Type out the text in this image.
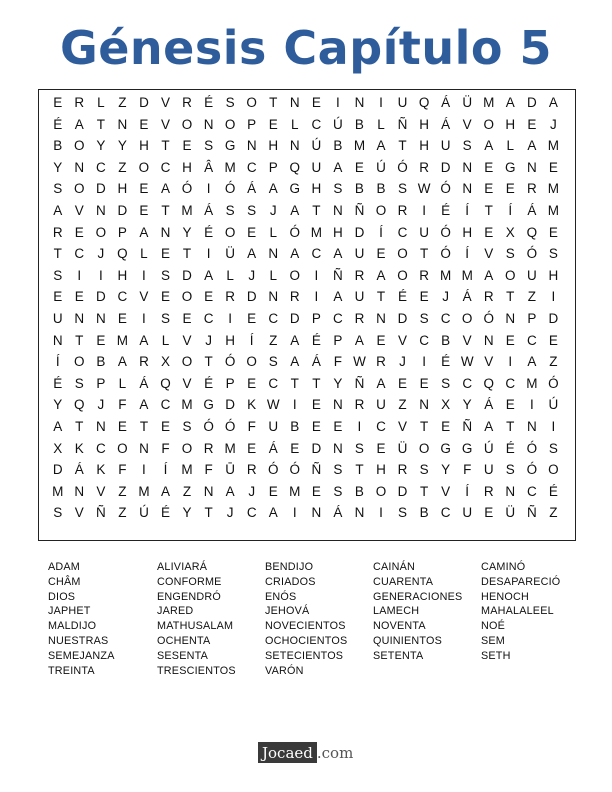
Génesis Capítulo 5
E R L	Z D V R É S O T N E	I	N	I	U Q Á Ü M A D A
É A T N E V O N O P E L C Ú B L Ñ H Á V O H E	J
B O Y Y H T E S G N H N Ú B M A T H U S A L A M
Y N C Z O C H Â M C P Q U A E Ú Ó R D N E G N E
S O D H E A Ó	I	Ó Á A G H S B B S W Ó N E E R M
A V N D E T M Á S S	J	A T N Ñ O R	I	É	Í	T	Í	Á M
R E O P A N Y É O E L Ó M H D	Í	C U Ó H E X Q E
T C J Q L E T	I	Ü A N A C A U E O T Ó	Í	V S Ó S
S	I	I	H	I	S D A L	J	L O	I	Ñ R A O R M M A O U H
E E D C V E O E R D N R	I	A U T É E	J	Á R T Z	I
U N N E	I	S E C	I	E C D P C R N D S C O Ó N P D
N T E M A L V	J H	Í	Z A É P A E V C B V N E C E
Í	O B A R X O T Ó O S A Á F W R J	I	É W V	I	A Z
É S P L Á Q V É P E C T T Y Ñ A E E S C Q C M Ó
Y Q J	F A C M G D K W I	E N R U Z N X Y Á E	I	Ú
A T N E T E S Ó Ó F U B E E	I	C V T E Ñ A T N	I
X K C O N F O R M E Á E D N S E Ü O G G Ú É Ó S
D Á K F	I	Í	M F Ū R Ó Ó Ñ S T H R S Y F U S Ó O
M N V Z M A Z N A	J	E M E S B O D T V	Í	R N C É
S V Ñ Z Ú É Y T	J C A	I	N Á N	I	S B C U E Ü Ñ Z
ADAM
CHÂM
DIOS
JAPHET
MALDIJO
NUESTRAS
SEMEJANZA
TREINTA
ALIVIARÁ
CONFORME
ENGENDRÓ
JARED
MATHUSALAM
OCHENTA
SESENTA
TRESCIENTOS
BENDIJO
CRIADOS
ENÓS
JEHOVÁ
NOVECIENTOS
OCHOCIENTOS
SETECIENTOS
VARÓN
CAINÁN
CUARENTA
GENERACIONES
LAMECH
NOVENTA
QUINIENTOS
SETENTA
CAMINÓ
DESAPARECIÓ
HENOCH
MAHALALEEL
NOÉ
SEM
SETH
Jocaed .com
